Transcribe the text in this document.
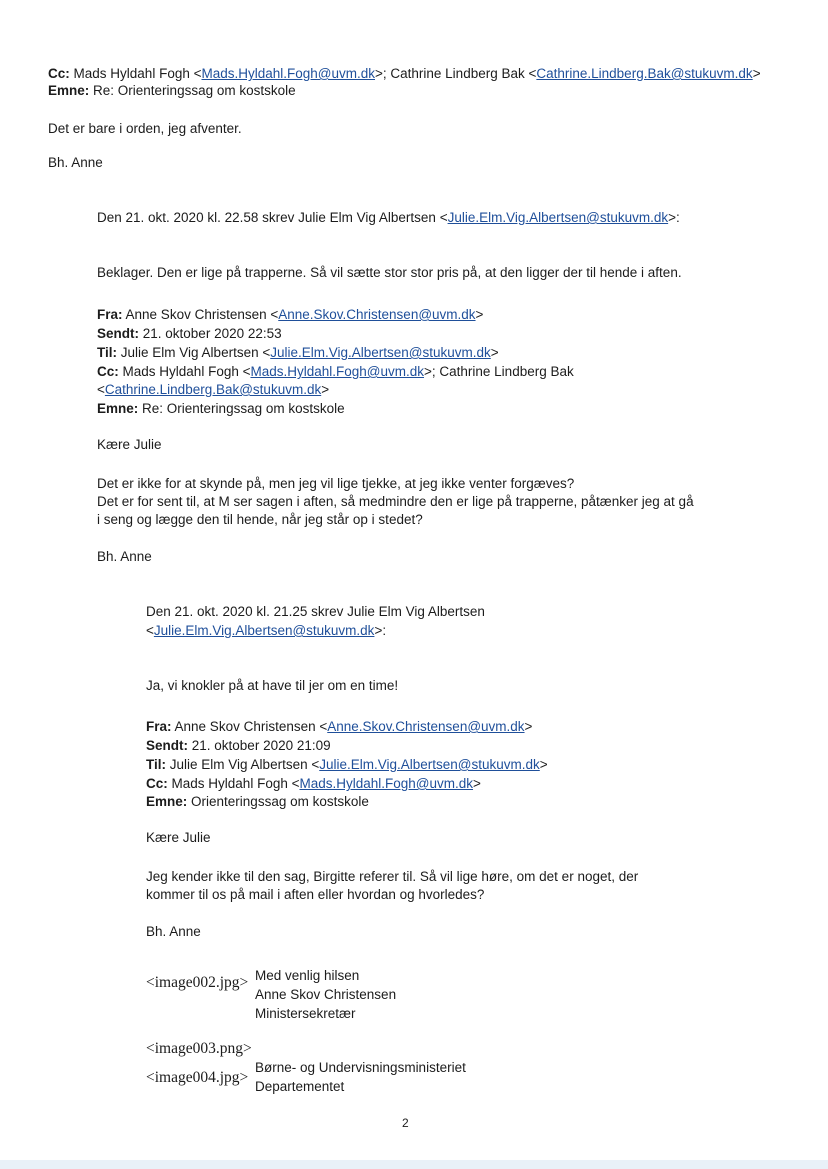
Cc: Mads Hyldahl Fogh <Mads.Hyldahl.Fogh@uvm.dk>; Cathrine Lindberg Bak <Cathrine.Lindberg.Bak@stukuvm.dk>
Emne: Re: Orienteringssag om kostskole
Det er bare i orden, jeg afventer.
Bh. Anne
Den 21. okt. 2020 kl. 22.58 skrev Julie Elm Vig Albertsen <Julie.Elm.Vig.Albertsen@stukuvm.dk>:
Beklager. Den er lige på trapperne. Så vil sætte stor stor pris på, at den ligger der til hende i aften.
Fra: Anne Skov Christensen <Anne.Skov.Christensen@uvm.dk>
Sendt: 21. oktober 2020 22:53
Til: Julie Elm Vig Albertsen <Julie.Elm.Vig.Albertsen@stukuvm.dk>
Cc: Mads Hyldahl Fogh <Mads.Hyldahl.Fogh@uvm.dk>; Cathrine Lindberg Bak
<Cathrine.Lindberg.Bak@stukuvm.dk>
Emne: Re: Orienteringssag om kostskole
Kære Julie
Det er ikke for at skynde på, men jeg vil lige tjekke, at jeg ikke venter forgæves?
Det er for sent til, at M ser sagen i aften, så medmindre den er lige på trapperne, påtænker jeg at gå
i seng og lægge den til hende, når jeg står op i stedet?
Bh. Anne
Den 21. okt. 2020 kl. 21.25 skrev Julie Elm Vig Albertsen
<Julie.Elm.Vig.Albertsen@stukuvm.dk>:
Ja, vi knokler på at have til jer om en time!
Fra: Anne Skov Christensen <Anne.Skov.Christensen@uvm.dk>
Sendt: 21. oktober 2020 21:09
Til: Julie Elm Vig Albertsen <Julie.Elm.Vig.Albertsen@stukuvm.dk>
Cc: Mads Hyldahl Fogh <Mads.Hyldahl.Fogh@uvm.dk>
Emne: Orienteringssag om kostskole
Kære Julie
Jeg kender ikke til den sag, Birgitte referer til. Så vil lige høre, om det er noget, der
kommer til os på mail i aften eller hvordan og hvorledes?
Bh. Anne
<image002.jpg> Med venlig hilsen
Anne Skov Christensen
Ministersekretær
<image003.png>
<image004.jpg>
Børne- og Undervisningsministeriet
Departementet
2
